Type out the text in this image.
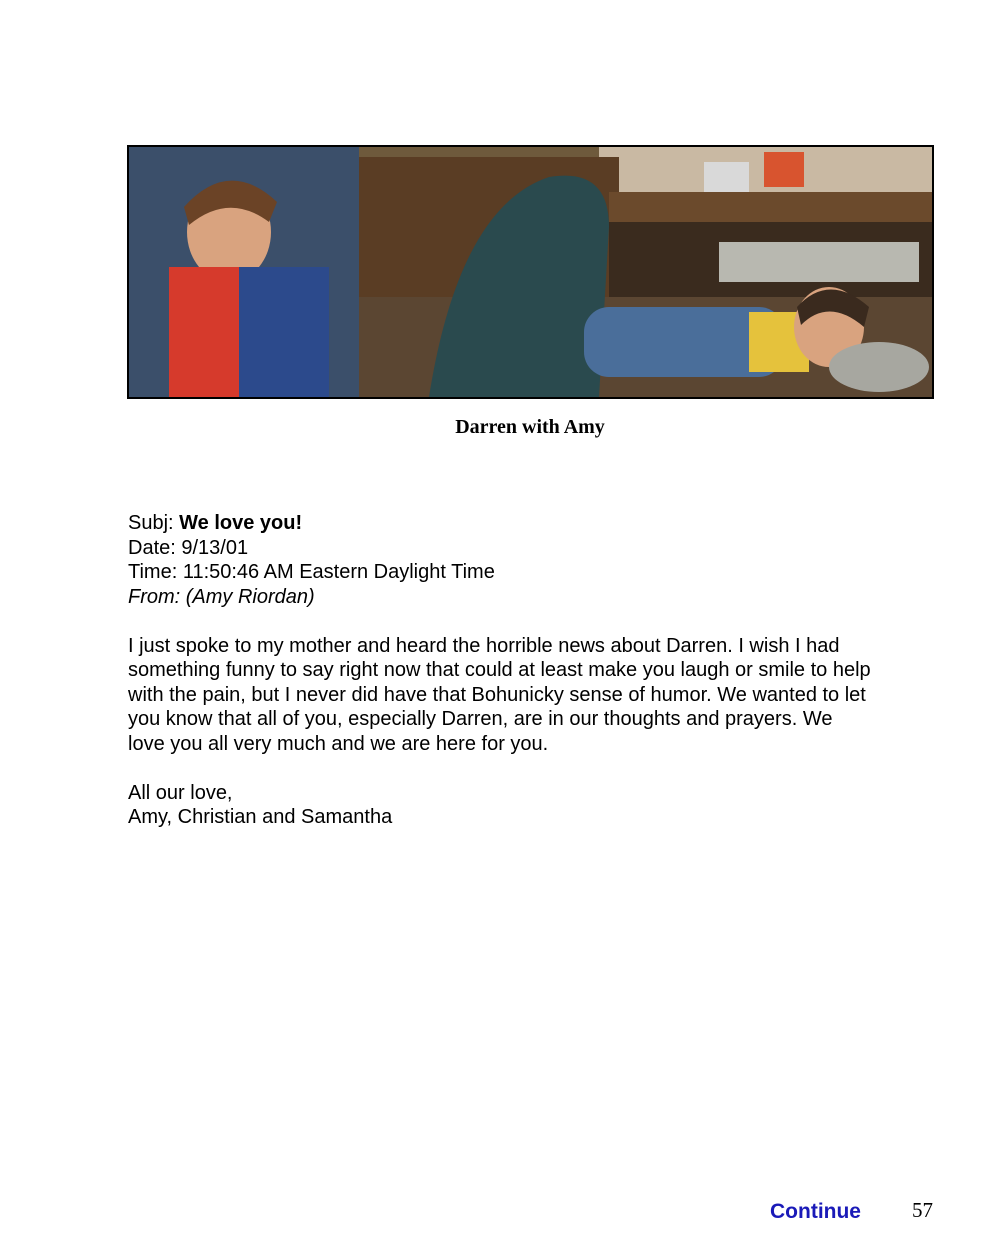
Darren with Amy

Subj: We love you!

Date: 9/13/01

Time: 11:50:46 AM Eastern Daylight Time

From: (Amy Riordan)

I just spoke to my mother and heard the horrible news about Darren. I wish I had

something funny to say right now that could at least make you laugh or smile to help

with the pain, but I never did have that Bohunicky sense of humor. We wanted to let

you know that all of you, especially Darren, are in our thoughts and prayers. We

love you all very much and we are here for you.

All our love,

Amy, Christian and Samantha

Continue 57
